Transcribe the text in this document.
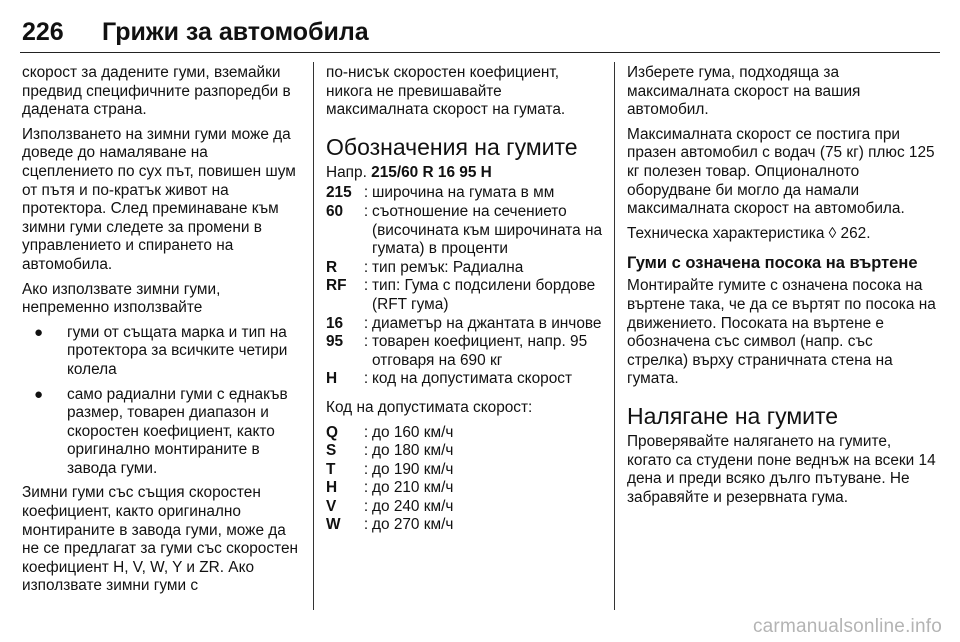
226	Грижи за автомобила

скорост за дадените гуми, вземайки предвид специфичните разпоредби в дадената страна.

Използването на зимни гуми може да доведе до намаляване на сцеплението по сух път, повишен шум от пътя и по-кратък живот на протектора. След преминаване към зимни гуми следете за промени в управлението и спирането на автомобила.

Ако използвате зимни гуми, непременно използвайте

● гуми от същата марка и тип на протектора за всичките четири колела
● само радиални гуми с еднакъв размер, товарен диапазон и скоростен коефициент, както оригинално монтираните в завода гуми.

Зимни гуми със същия скоростен коефициент, както оригинално монтираните в завода гуми, може да не се предлагат за гуми със скоростен коефициент H, V, W, Y и ZR. Ако използвате зимни гуми с

по-нисък скоростен коефициент, никога не превишавайте максималната скорост на гумата.

Обозначения на гумите
Напр. 215/60 R 16 95 H
215 : широчина на гумата в мм
60	: съотношение на сечението (височината към широчината на гумата) в проценти
R	: тип ремък: Радиална
RF	: тип: Гума с подсилени бордове (RFT гума)
16	: диаметър на джантата в инчове
95	: товарен коефициент, напр. 95 отговаря на 690 кг
H	: код на допустимата скорост

Код на допустимата скорост:

Q	: до 160 км/ч
S	: до 180 км/ч
T	: до 190 км/ч
H	: до 210 км/ч
V	: до 240 км/ч
W	: до 270 км/ч

Изберете гума, подходяща за максималната скорост на вашия автомобил.

Максималната скорост се постига при празен автомобил с водач (75 кг) плюс 125 кг полезен товар. Опционалното оборудване би могло да намали максималната скорост на автомобила.

Техническа характеристика ◊ 262.

Гуми с означена посока на въртене

Монтирайте гумите с означена посока на въртене така, че да се въртят по посока на движението. Посоката на въртене е обозначена със символ (напр. със стрелка) върху страничната стена на гумата.

Налягане на гумите

Проверявайте налягането на гумите, когато са студени поне веднъж на всеки 14 дена и преди всяко дълго пътуване. Не забравяйте и резервната гума.

carmanualsonline.info
